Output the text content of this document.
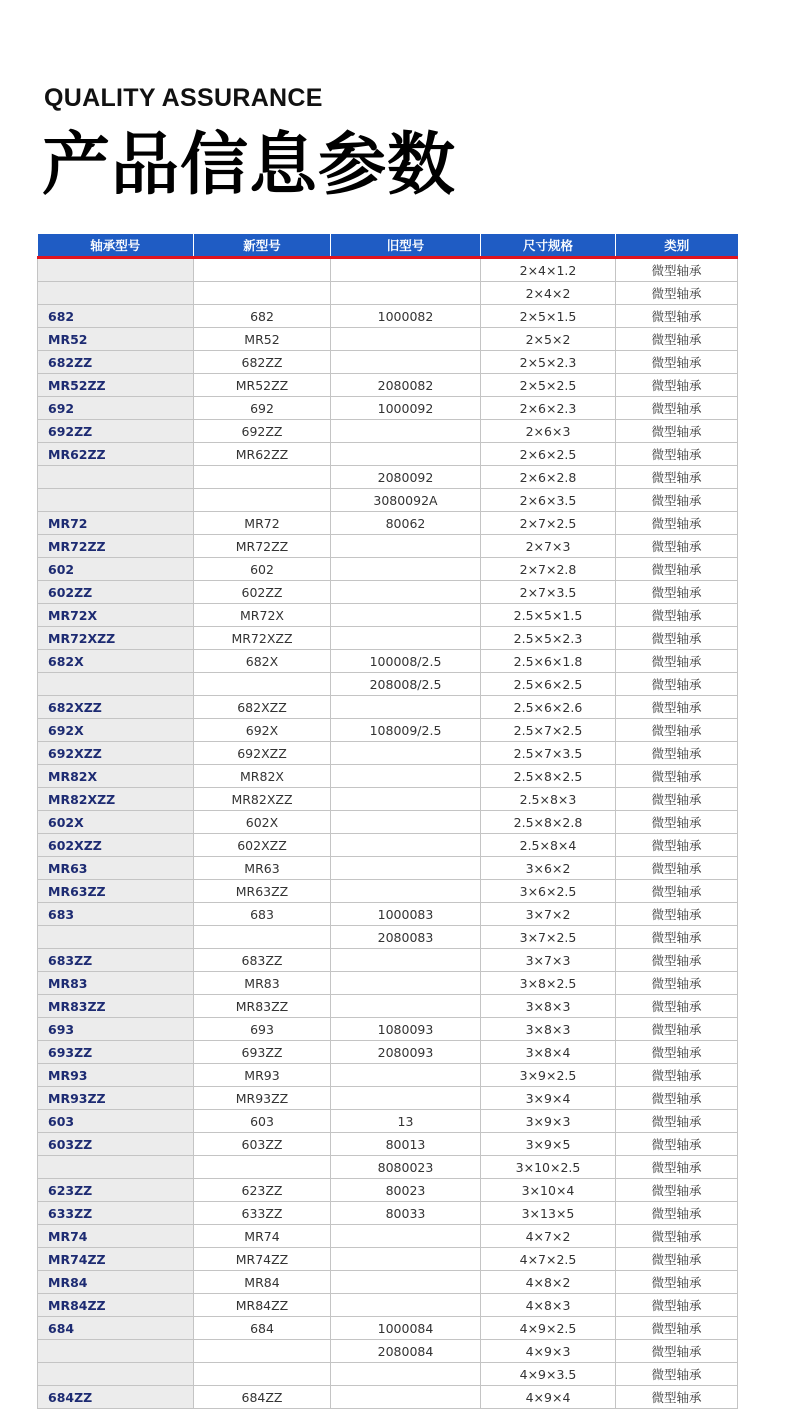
QUALITY ASSURANCE
产品信息参数
轴承型号	新型号	旧型号	尺寸规格	类别
			2×4×1.2	微型轴承
			2×4×2	微型轴承
682	682	1000082	2×5×1.5	微型轴承
MR52	MR52		2×5×2	微型轴承
682ZZ	682ZZ		2×5×2.3	微型轴承
MR52ZZ	MR52ZZ	2080082	2×5×2.5	微型轴承
692	692	1000092	2×6×2.3	微型轴承
692ZZ	692ZZ		2×6×3	微型轴承
MR62ZZ	MR62ZZ		2×6×2.5	微型轴承
		2080092	2×6×2.8	微型轴承
		3080092A	2×6×3.5	微型轴承
MR72	MR72	80062	2×7×2.5	微型轴承
MR72ZZ	MR72ZZ		2×7×3	微型轴承
602	602		2×7×2.8	微型轴承
602ZZ	602ZZ		2×7×3.5	微型轴承
MR72X	MR72X		2.5×5×1.5	微型轴承
MR72XZZ	MR72XZZ		2.5×5×2.3	微型轴承
682X	682X	100008/2.5	2.5×6×1.8	微型轴承
		208008/2.5	2.5×6×2.5	微型轴承
682XZZ	682XZZ		2.5×6×2.6	微型轴承
692X	692X	108009/2.5	2.5×7×2.5	微型轴承
692XZZ	692XZZ		2.5×7×3.5	微型轴承
MR82X	MR82X		2.5×8×2.5	微型轴承
MR82XZZ	MR82XZZ		2.5×8×3	微型轴承
602X	602X		2.5×8×2.8	微型轴承
602XZZ	602XZZ		2.5×8×4	微型轴承
MR63	MR63		3×6×2	微型轴承
MR63ZZ	MR63ZZ		3×6×2.5	微型轴承
683	683	1000083	3×7×2	微型轴承
		2080083	3×7×2.5	微型轴承
683ZZ	683ZZ		3×7×3	微型轴承
MR83	MR83		3×8×2.5	微型轴承
MR83ZZ	MR83ZZ		3×8×3	微型轴承
693	693	1080093	3×8×3	微型轴承
693ZZ	693ZZ	2080093	3×8×4	微型轴承
MR93	MR93		3×9×2.5	微型轴承
MR93ZZ	MR93ZZ		3×9×4	微型轴承
603	603	13	3×9×3	微型轴承
603ZZ	603ZZ	80013	3×9×5	微型轴承
		8080023	3×10×2.5	微型轴承
623ZZ	623ZZ	80023	3×10×4	微型轴承
633ZZ	633ZZ	80033	3×13×5	微型轴承
MR74	MR74		4×7×2	微型轴承
MR74ZZ	MR74ZZ		4×7×2.5	微型轴承
MR84	MR84		4×8×2	微型轴承
MR84ZZ	MR84ZZ		4×8×3	微型轴承
684	684	1000084	4×9×2.5	微型轴承
		2080084	4×9×3	微型轴承
			4×9×3.5	微型轴承
684ZZ	684ZZ		4×9×4	微型轴承
